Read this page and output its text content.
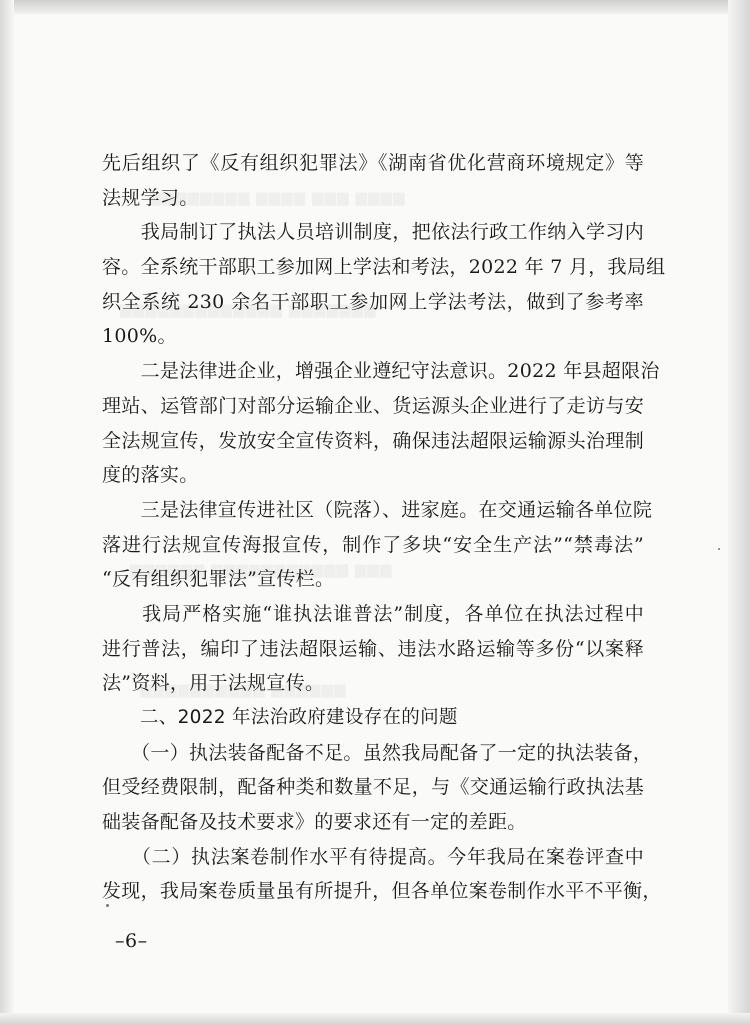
先后组织了《反有组织犯罪法》《湖南省优化营商环境规定》等
法规学习。
　　我局制订了执法人员培训制度，把依法行政工作纳入学习内
容。全系统干部职工参加网上学法和考法，2022 年 7 月，我局组
织全系统 230 余名干部职工参加网上学法考法，做到了参考率
100%。
　　二是法律进企业，增强企业遵纪守法意识。2022 年县超限治
理站、运管部门对部分运输企业、货运源头企业进行了走访与安
全法规宣传，发放安全宣传资料，确保违法超限运输源头治理制
度的落实。
　　三是法律宣传进社区（院落）、进家庭。在交通运输各单位院
落进行法规宣传海报宣传，制作了多块“安全生产法”“禁毒法”
“反有组织犯罪法”宣传栏。
　　我局严格实施“谁执法谁普法”制度，各单位在执法过程中
进行普法，编印了违法超限运输、违法水路运输等多份“以案释
法”资料，用于法规宣传。
二、2022 年法治政府建设存在的问题
　　（一）执法装备配备不足。虽然我局配备了一定的执法装备，
但受经费限制，配备种类和数量不足，与《交通运输行政执法基
础装备配备及技术要求》的要求还有一定的差距。
　　（二）执法案卷制作水平有待提高。今年我局在案卷评查中
发现，我局案卷质量虽有所提升，但各单位案卷制作水平不平衡，
–6–
